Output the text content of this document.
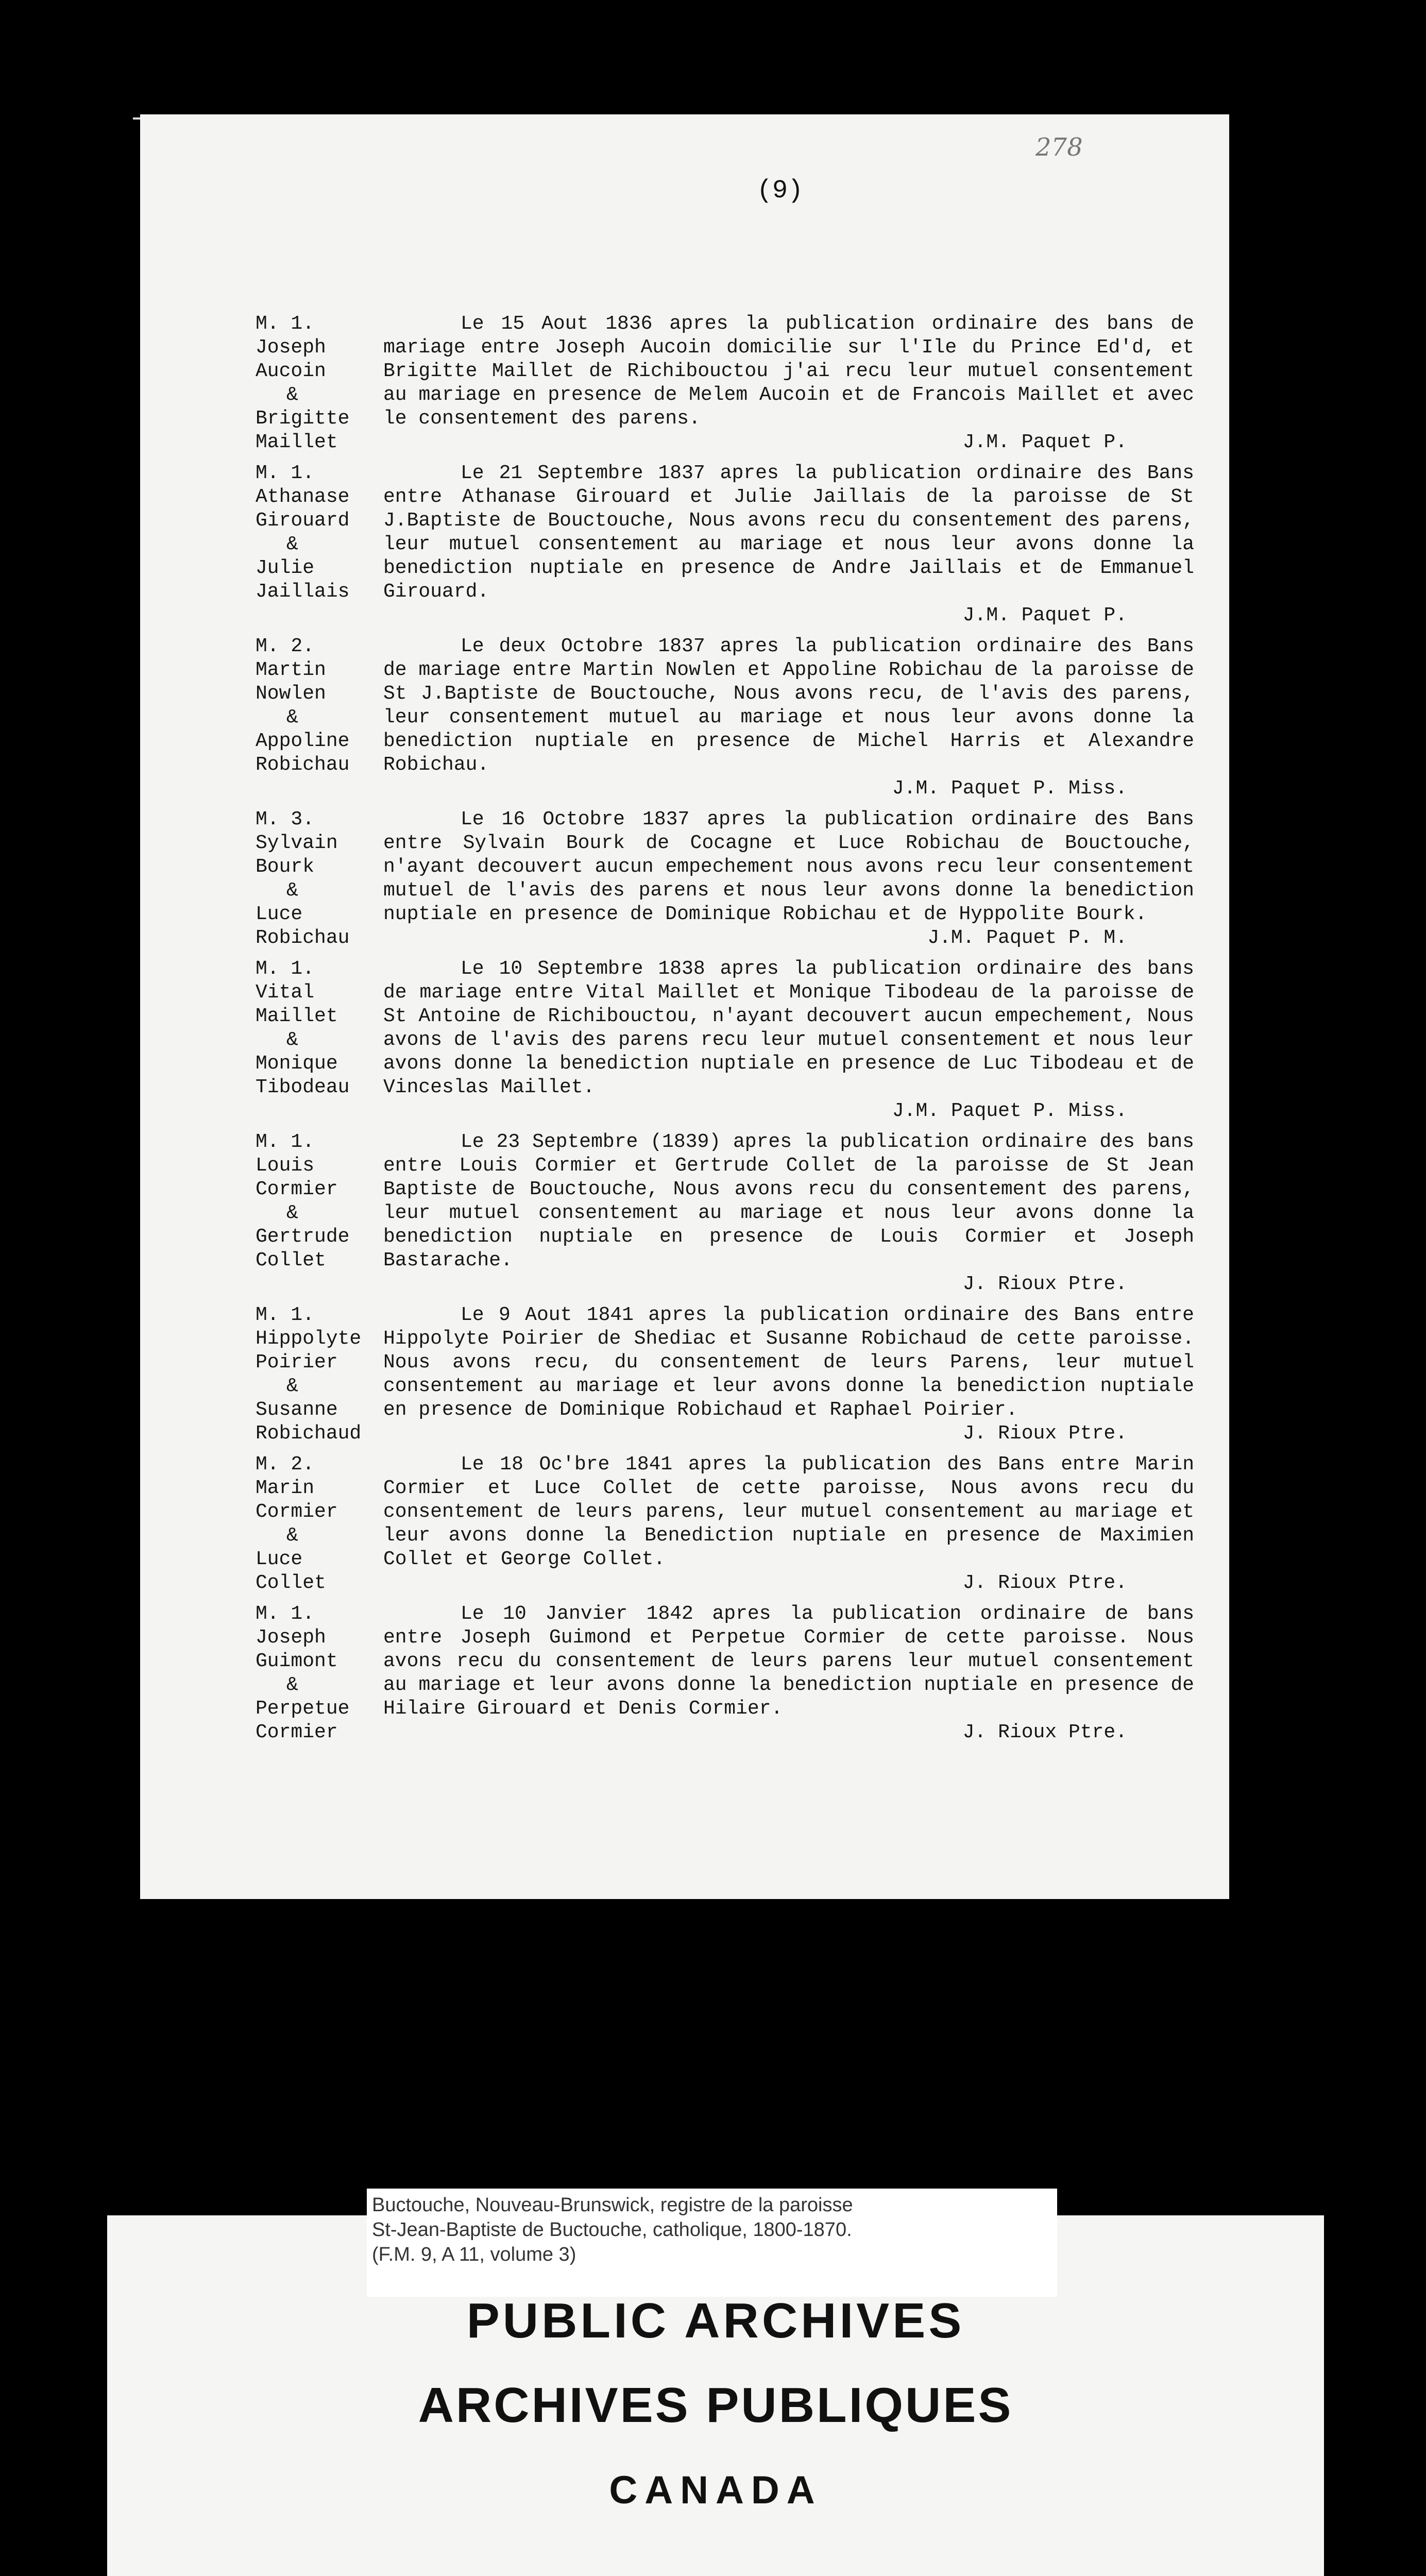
278
(9)
M. 1.
Joseph
Aucoin
&
Brigitte
Maillet

Le 15 Aout 1836 apres la publication ordinaire des bans de mariage entre Joseph Aucoin domicilie sur l'Ile du Prince Ed'd, et Brigitte Maillet de Richibouctou j'ai recu leur mutuel consentement au mariage en presence de Melem Aucoin et de Francois Maillet et avec le consentement des parens.

J.M. Paquet P.
M. 1.
Athanase
Girouard
&
Julie
Jaillais

Le 21 Septembre 1837 apres la publication ordinaire des Bans entre Athanase Girouard et Julie Jaillais de la paroisse de St J.Baptiste de Bouctouche, Nous avons recu du consentement des parens, leur mutuel consentement au mariage et nous leur avons donne la benediction nuptiale en presence de Andre Jaillais et de Emmanuel Girouard.

J.M. Paquet P.
M. 2.
Martin
Nowlen
&
Appoline
Robichau

Le deux Octobre 1837 apres la publication ordinaire des Bans de mariage entre Martin Nowlen et Appoline Robichau de la paroisse de St J.Baptiste de Bouctouche, Nous avons recu, de l'avis des parens, leur consentement mutuel au mariage et nous leur avons donne la benediction nuptiale en presence de Michel Harris et Alexandre Robichau.

J.M. Paquet P. Miss.
M. 3.
Sylvain
Bourk
&
Luce
Robichau

Le 16 Octobre 1837 apres la publication ordinaire des Bans entre Sylvain Bourk de Cocagne et Luce Robichau de Bouctouche, n'ayant decouvert aucun empechement nous avons recu leur consentement mutuel de l'avis des parens et nous leur avons donne la benediction nuptiale en presence de Dominique Robichau et de Hyppolite Bourk.

J.M. Paquet P. M.
M. 1.
Vital
Maillet
&
Monique
Tibodeau

Le 10 Septembre 1838 apres la publication ordinaire des bans de mariage entre Vital Maillet et Monique Tibodeau de la paroisse de St Antoine de Richibouctou, n'ayant decouvert aucun empechement, Nous avons de l'avis des parens recu leur mutuel consentement et nous leur avons donne la benediction nuptiale en presence de Luc Tibodeau et de Vinceslas Maillet.

J.M. Paquet P. Miss.
M. 1.
Louis
Cormier
&
Gertrude
Collet

Le 23 Septembre (1839) apres la publication ordinaire des bans entre Louis Cormier et Gertrude Collet de la paroisse de St Jean Baptiste de Bouctouche, Nous avons recu du consentement des parens, leur mutuel consentement au mariage et nous leur avons donne la benediction nuptiale en presence de Louis Cormier et Joseph Bastarache.

J. Rioux Ptre.
M. 1.
Hippolyte
Poirier
&
Susanne
Robichaud

Le 9 Aout 1841 apres la publication ordinaire des Bans entre Hippolyte Poirier de Shediac et Susanne Robichaud de cette paroisse. Nous avons recu, du consentement de leurs Parens, leur mutuel consentement au mariage et leur avons donne la benediction nuptiale en presence de Dominique Robichaud et Raphael Poirier.

J. Rioux Ptre.
M. 2.
Marin
Cormier
&
Luce
Collet

Le 18 Oc'bre 1841 apres la publication des Bans entre Marin Cormier et Luce Collet de cette paroisse, Nous avons recu du consentement de leurs parens, leur mutuel consentement au mariage et leur avons donne la Benediction nuptiale en presence de Maximien Collet et George Collet.

J. Rioux Ptre.
M. 1.
Joseph
Guimont
&
Perpetue
Cormier

Le 10 Janvier 1842 apres la publication ordinaire de bans entre Joseph Guimond et Perpetue Cormier de cette paroisse. Nous avons recu du consentement de leurs parens leur mutuel consentement au mariage et leur avons donne la benediction nuptiale en presence de Hilaire Girouard et Denis Cormier.

J. Rioux Ptre.
Buctouche, Nouveau-Brunswick, registre de la paroisse
St-Jean-Baptiste de Buctouche, catholique, 1800-1870.
(F.M. 9, A 11, volume 3)
PUBLIC ARCHIVES
ARCHIVES PUBLIQUES
CANADA
